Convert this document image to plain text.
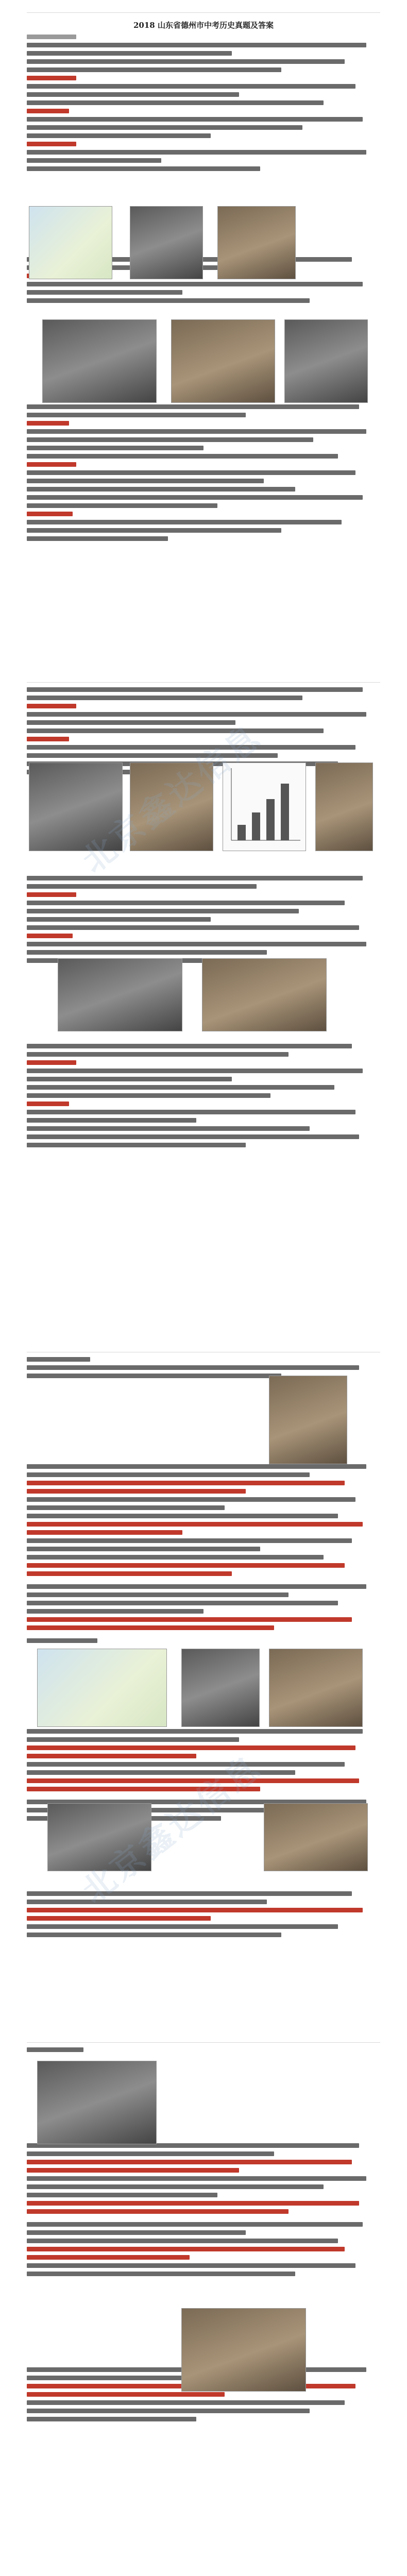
2018 山东省德州市中考历史真题及答案
